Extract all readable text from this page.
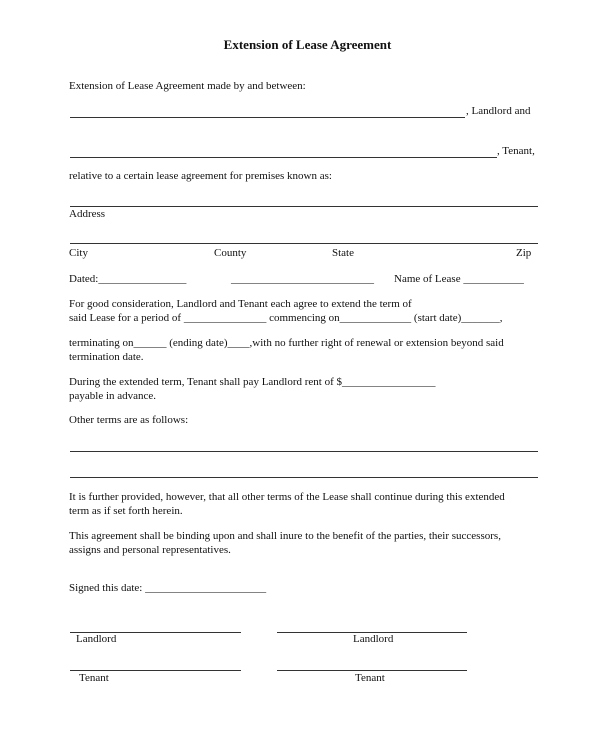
Extension of Lease Agreement
Extension of Lease Agreement made by and between:
, Landlord and
, Tenant,
relative to a certain lease agreement for premises known as:
Address
City	County	State	Zip
Dated:________________	__________________________ Name of Lease ___________
For good consideration, Landlord and Tenant each agree to extend the term of
said Lease for a period of _______________ commencing on_____________ (start date)_______,
terminating on______ (ending date)____,with no further right of renewal or extension beyond said
termination date.
During the extended term, Tenant shall pay Landlord rent of $_________________
payable in advance.
Other terms are as follows:
It is further provided, however, that all other terms of the Lease shall continue during this extended
term as if set forth herein.
This agreement shall be binding upon and shall inure to the benefit of the parties, their successors,
assigns and personal representatives.
Signed this date: ______________________
Landlord	Landlord
Tenant	Tenant
